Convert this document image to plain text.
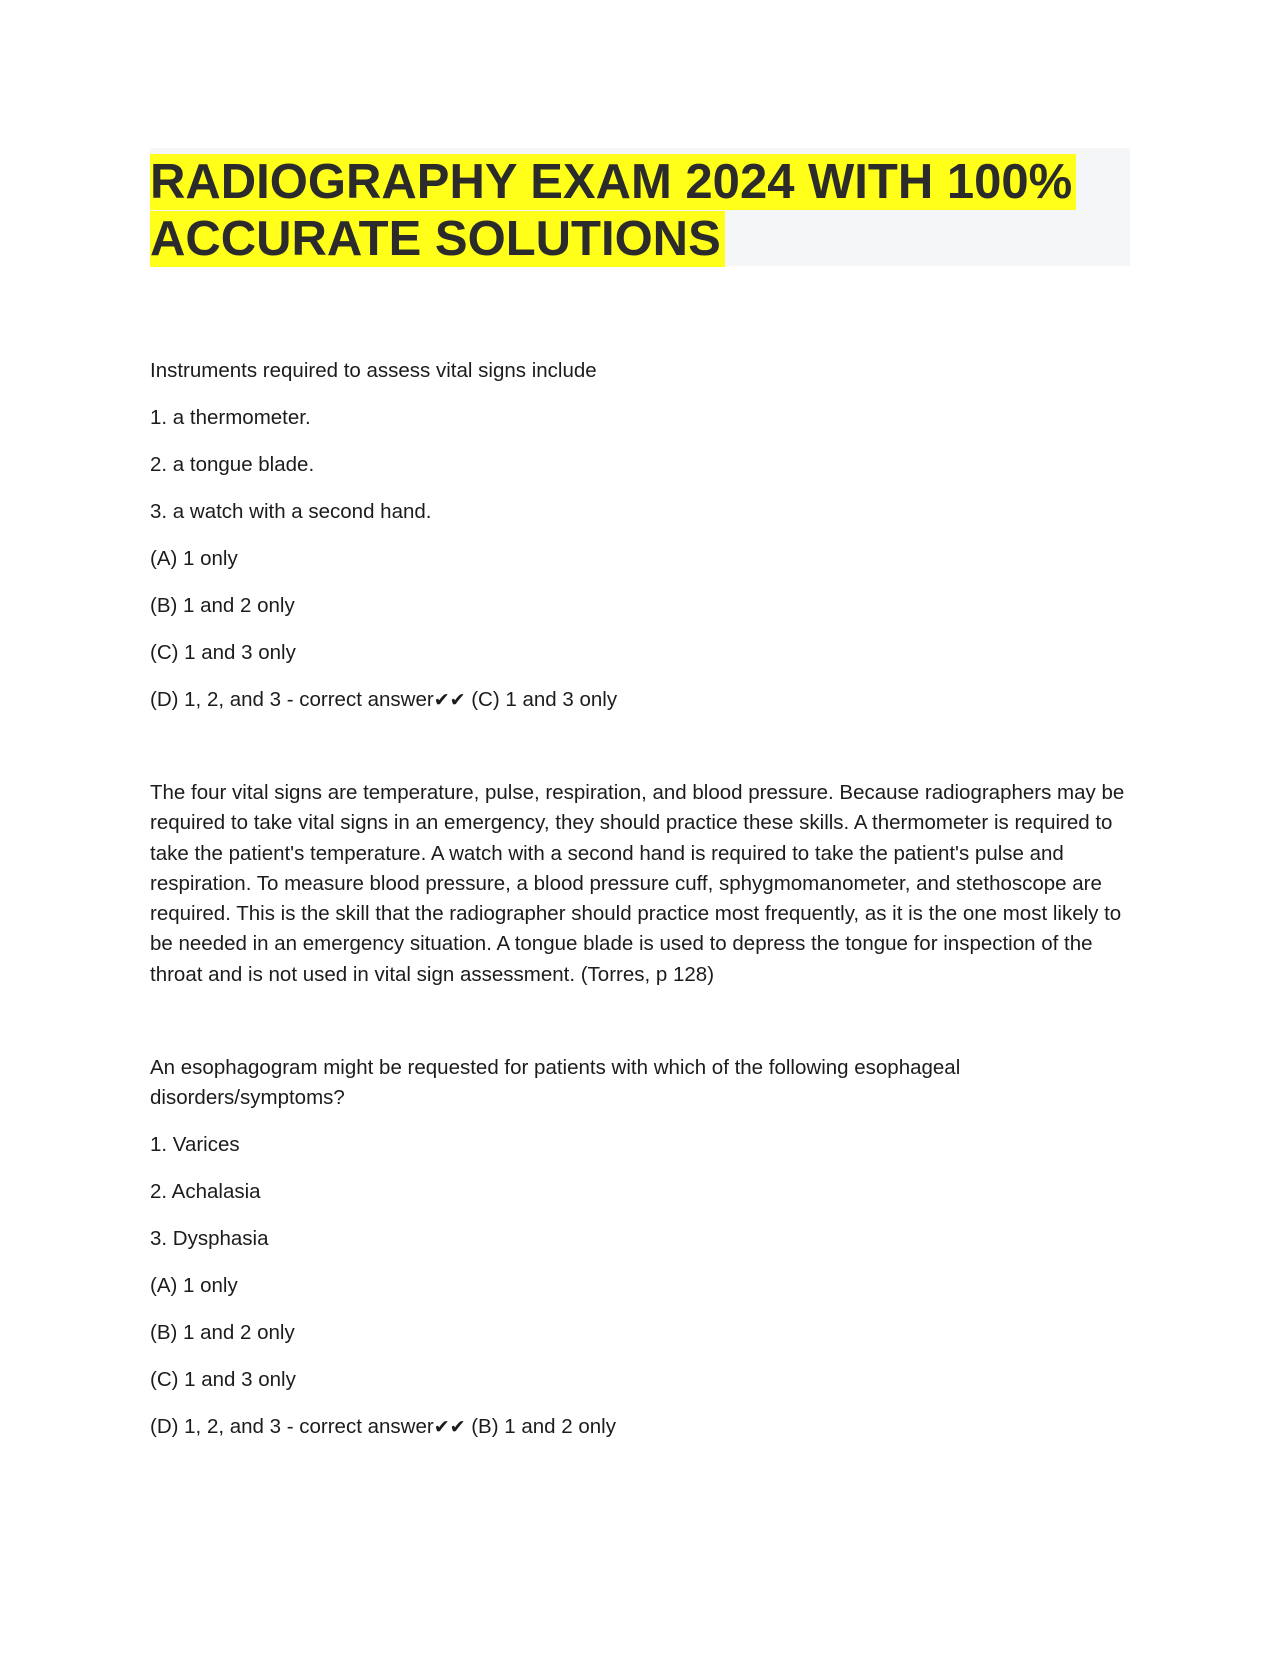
RADIOGRAPHY EXAM 2024 WITH 100%
ACCURATE SOLUTIONS

Instruments required to assess vital signs include

1. a thermometer.

2. a tongue blade.

3. a watch with a second hand.

(A) 1 only

(B) 1 and 2 only

(C) 1 and 3 only

(D) 1, 2, and 3 - correct answer✔✔ (C) 1 and 3 only

The four vital signs are temperature, pulse, respiration, and blood pressure. Because radiographers may be required to take vital signs in an emergency, they should practice these skills. A thermometer is required to take the patient's temperature. A watch with a second hand is required to take the patient's pulse and respiration. To measure blood pressure, a blood pressure cuff, sphygmomanometer, and stethoscope are required. This is the skill that the radiographer should practice most frequently, as it is the one most likely to be needed in an emergency situation. A tongue blade is used to depress the tongue for inspection of the throat and is not used in vital sign assessment. (Torres, p 128)

An esophagogram might be requested for patients with which of the following esophageal disorders/symptoms?

1. Varices

2. Achalasia

3. Dysphasia

(A) 1 only

(B) 1 and 2 only

(C) 1 and 3 only

(D) 1, 2, and 3 - correct answer✔✔ (B) 1 and 2 only
